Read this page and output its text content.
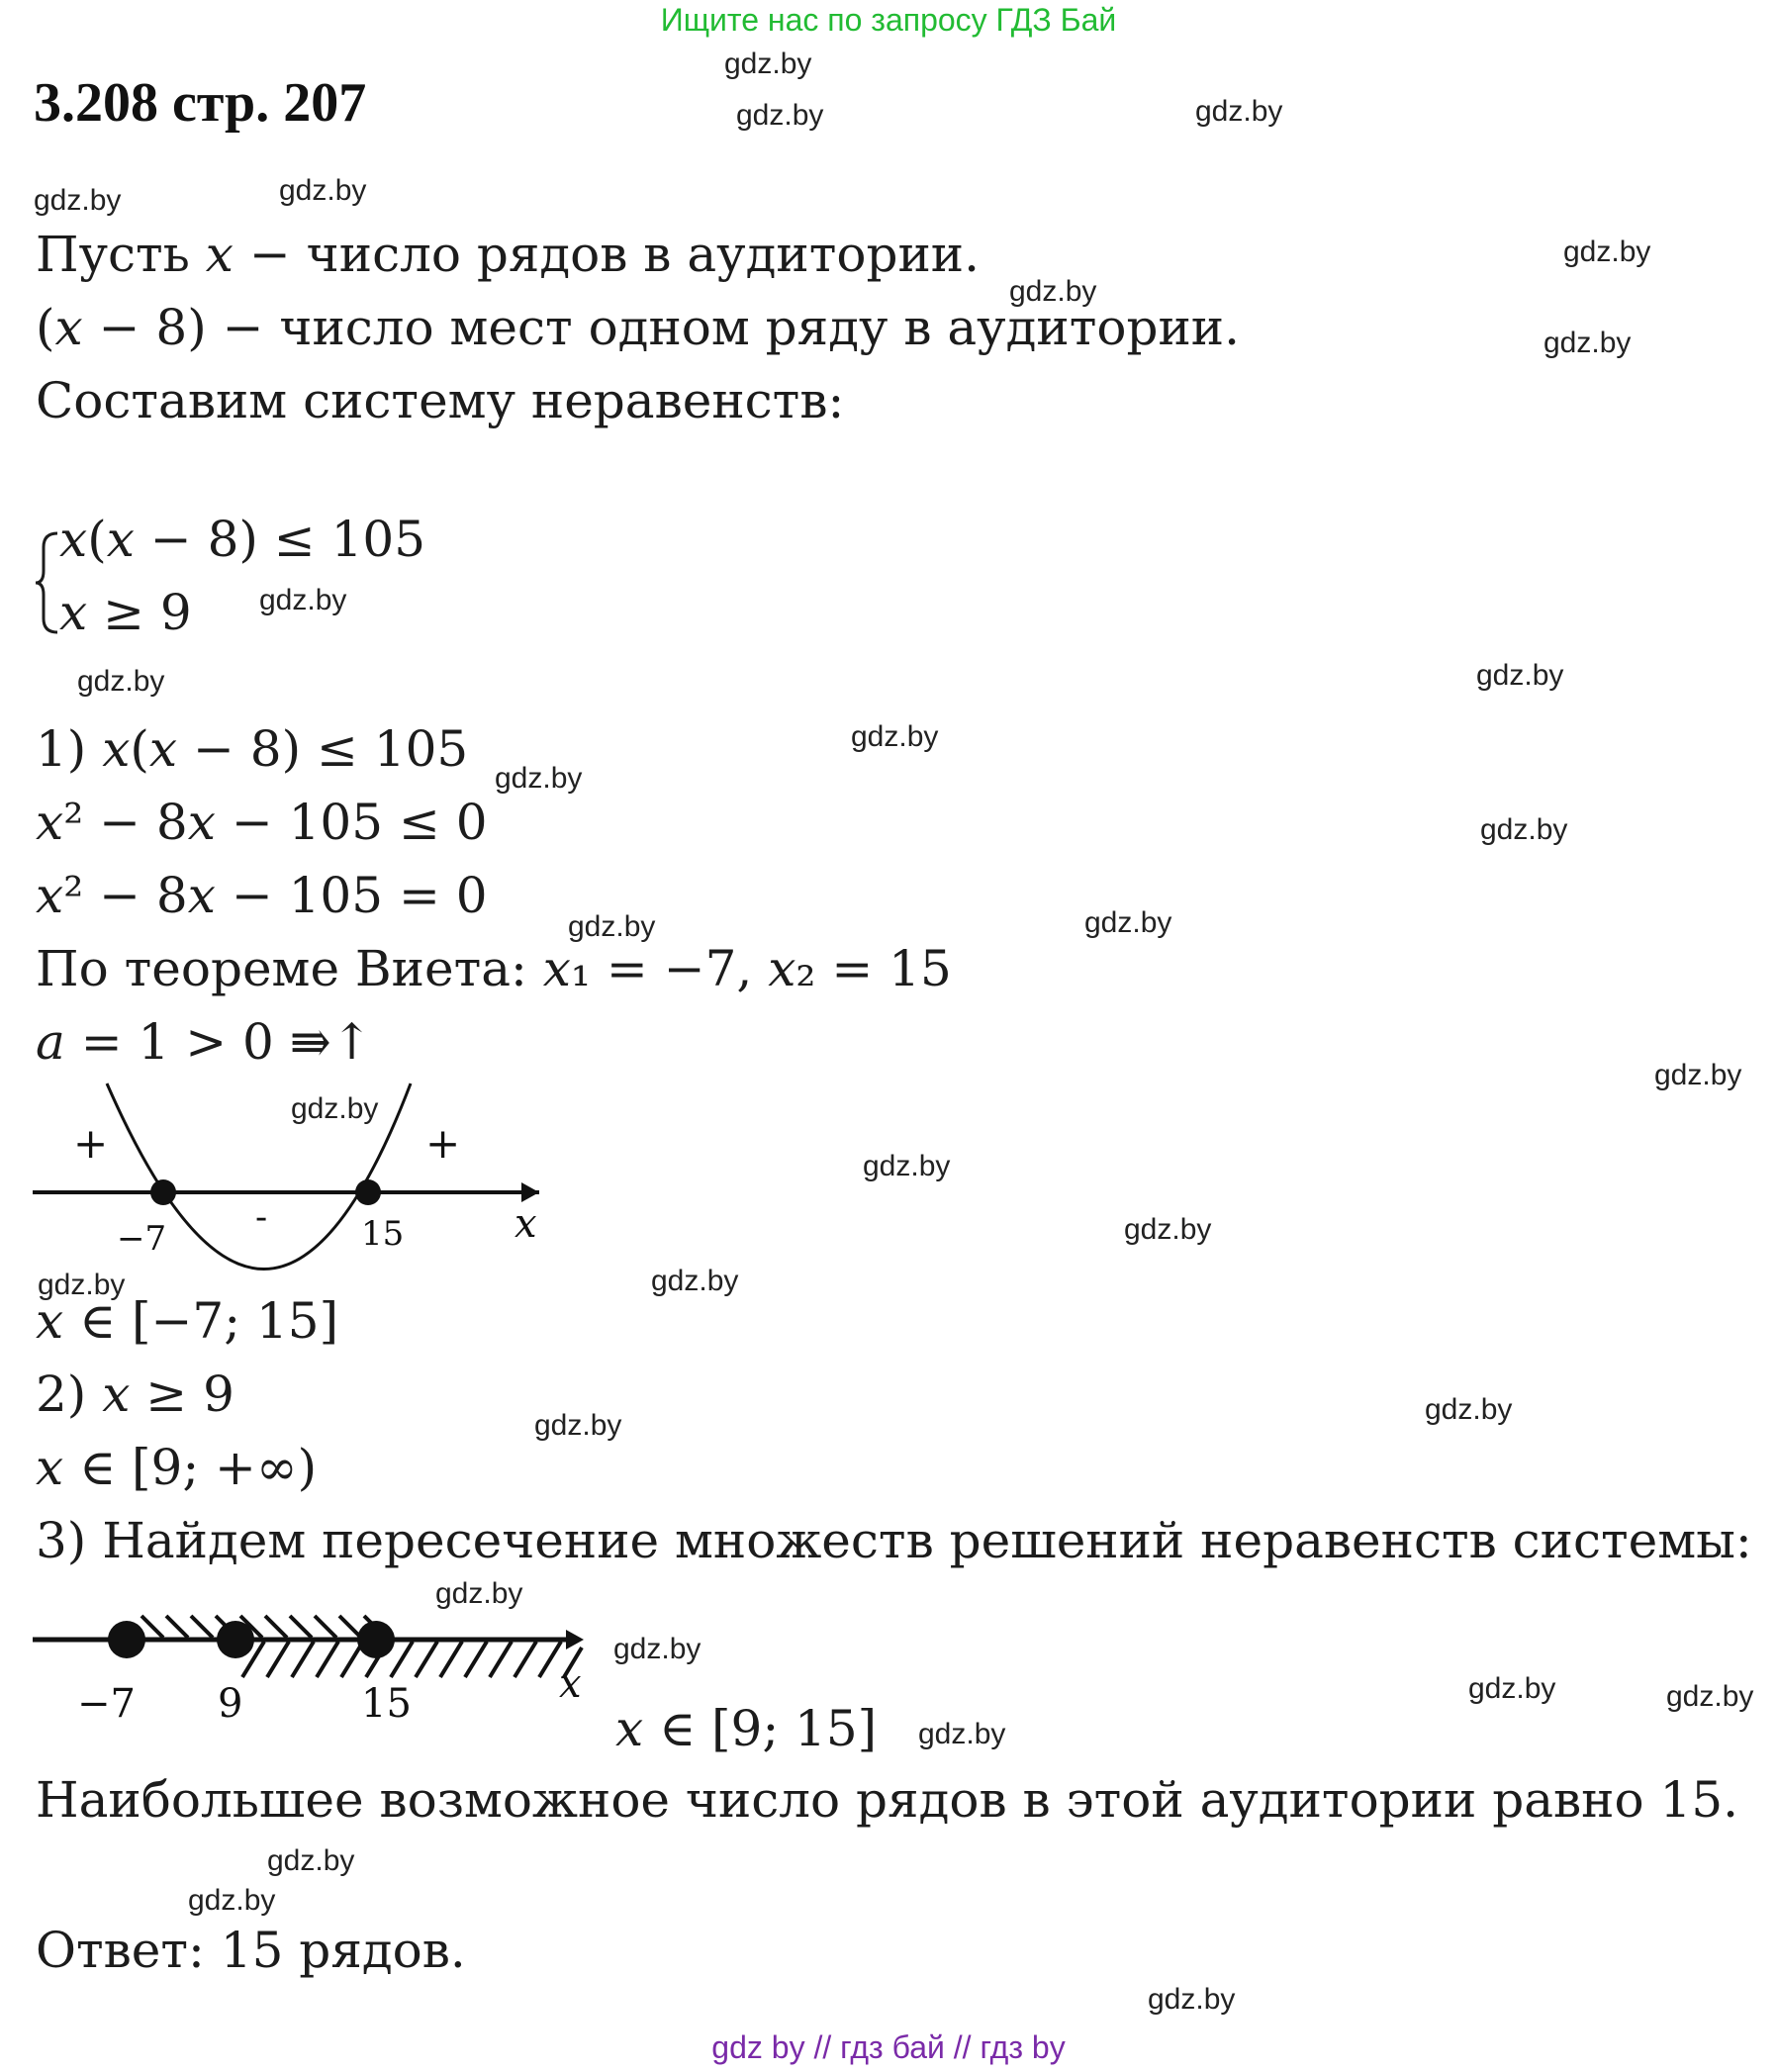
Ищите нас по запросу ГДЗ Бай
3.208 стр. 207
Пусть 𝑥 − число рядов в аудитории.
(𝑥 − 8) − число мест одном ряду в аудитории.
Составим систему неравенств:
𝑥(𝑥 − 8) ≤ 105
𝑥 ≥ 9
1) 𝑥(𝑥 − 8) ≤ 105
𝑥² − 8𝑥 − 105 ≤ 0
𝑥² − 8𝑥 − 105 = 0
По теореме Виета: 𝑥₁ = −7, 𝑥₂ = 15
𝑎 = 1 > 0 ⇛↑
+	+
-	𝑥
−7	15
𝑥 ∈ [−7; 15]
2) 𝑥 ≥ 9
𝑥 ∈ [9; +∞)
3) Найдем пересечение множеств решений неравенств системы:
𝑥
−7 9	15	𝑥 ∈ [9; 15]
Наибольшее возможное число рядов в этой аудитории равно 15.
Ответ: 15 рядов.
gdz.by
gdz.by	gdz.by
gdz.by	gdz.by
gdz.by
gdz.by
gdz.by
gdz.by
gdz.by	gdz.by
gdz.by
gdz.by
gdz.by
gdz.by	gdz.by
gdz.by
gdz.by
gdz.by
gdz.by
gdz.by	gdz.by
gdz.by
gdz.by
gdz.by
gdz.by
gdz.by	gdz.by
gdz.by
gdz.by
gdz.by
gdz.by
gdz by // гдз бай // гдз by
